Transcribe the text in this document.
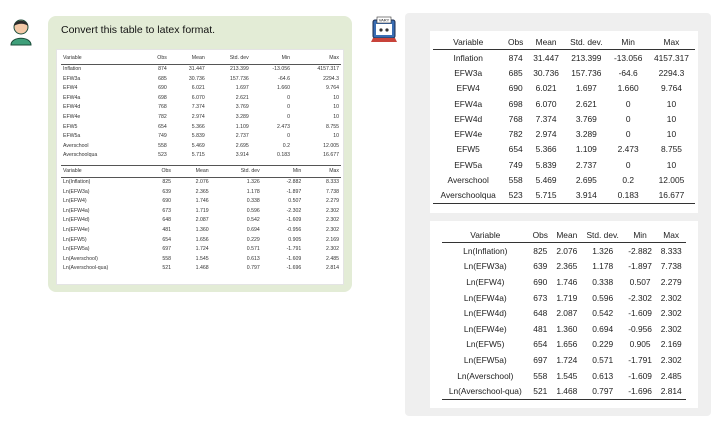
Convert this table to latex format.
Variable	Obs	Mean	Std. dev	Min	Max
Inflation	874	31.447	213.399	-13.056	4157.317
EFW3a	685	30.736	157.736	-64.6	2294.3
EFW4	690	6.021	1.697	1.660	9.764
EFW4a	698	6.070	2.621	0	10
EFW4d	768	7.374	3.769	0	10
EFW4e	782	2.974	3.289	0	10
EFW5	654	5.366	1.109	2.473	8.755
EFW5a	749	5.839	2.737	0	10
Averschool	558	5.469	2.695	0.2	12.005
Averschoolqua	523	5.715	3.914	0.183	16.677
Variable	Obs	Mean	Std. dev	Min	Max
Ln(Inflation)	825	2.076	1.326	-2.882	8.333
Ln(EFW3a)	639	2.365	1.178	-1.897	7.738
Ln(EFW4)	690	1.746	0.338	0.507	2.279
Ln(EFW4a)	673	1.719	0.596	-2.302	2.302
Ln(EFW4d)	648	2.087	0.542	-1.609	2.302
Ln(EFW4e)	481	1.360	0.694	-0.956	2.302
Ln(EFW5)	654	1.656	0.229	0.905	2.169
Ln(EFW5a)	697	1.724	0.571	-1.791	2.302
Ln(Averschool)	558	1.545	0.613	-1.609	2.485
Ln(Averschool-qua)	521	1.468	0.797	-1.696	2.814
VARY
Variable	Obs	Mean	Std. dev.	Min	Max
Inflation	874	31.447	213.399	-13.056	4157.317
EFW3a	685	30.736	157.736	-64.6	2294.3
EFW4	690	6.021	1.697	1.660	9.764
EFW4a	698	6.070	2.621	0	10
EFW4d	768	7.374	3.769	0	10
EFW4e	782	2.974	3.289	0	10
EFW5	654	5.366	1.109	2.473	8.755
EFW5a	749	5.839	2.737	0	10
Averschool	558	5.469	2.695	0.2	12.005
Averschoolqua	523	5.715	3.914	0.183	16.677
Variable	Obs	Mean	Std. dev.	Min	Max
Ln(Inflation)	825	2.076	1.326	-2.882	8.333
Ln(EFW3a)	639	2.365	1.178	-1.897	7.738
Ln(EFW4)	690	1.746	0.338	0.507	2.279
Ln(EFW4a)	673	1.719	0.596	-2.302	2.302
Ln(EFW4d)	648	2.087	0.542	-1.609	2.302
Ln(EFW4e)	481	1.360	0.694	-0.956	2.302
Ln(EFW5)	654	1.656	0.229	0.905	2.169
Ln(EFW5a)	697	1.724	0.571	-1.791	2.302
Ln(Averschool)	558	1.545	0.613	-1.609	2.485
Ln(Averschool-qua)	521	1.468	0.797	-1.696	2.814
